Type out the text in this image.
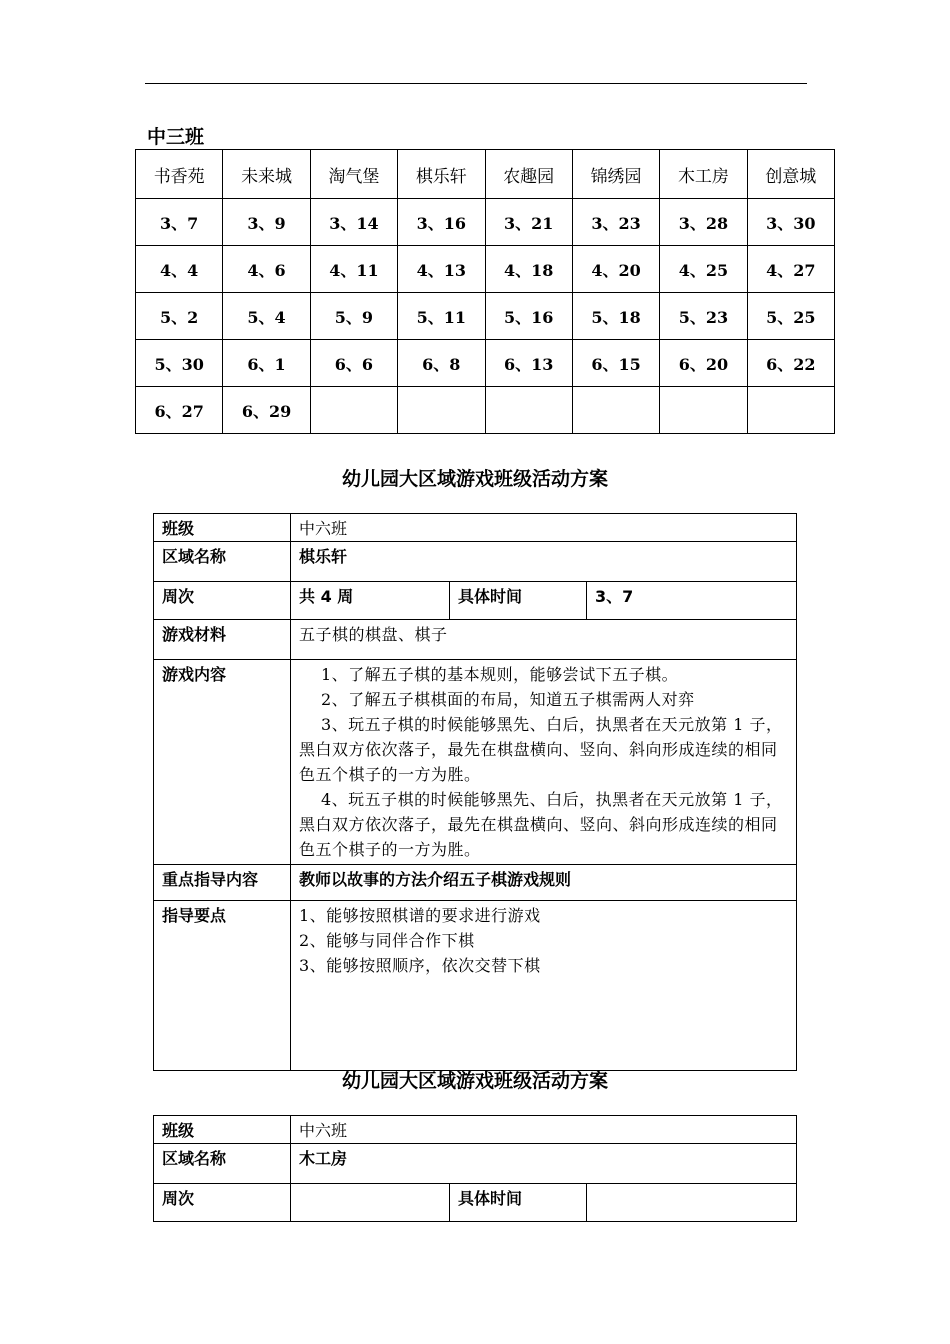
中三班
书香苑	未来城	淘气堡	棋乐轩	农趣园	锦绣园	木工房	创意城
3、7	3、9	3、14	3、16	3、21	3、23	3、28	3、30
4、4	4、6	4、11	4、13	4、18	4、20	4、25	4、27
5、2	5、4	5、9	5、11	5、16	5、18	5、23	5、25
5、30	6、1	6、6	6、8	6、13	6、15	6、20	6、22
6、27	6、29						
幼儿园大区域游戏班级活动方案
班级	中六班		
区域名称	棋乐轩		
周次	共 4 周	具体时间	3、7
游戏材料	五子棋的棋盘、棋子		
游戏内容	1、了解五子棋的基本规则，能够尝试下五子棋。
2、了解五子棋棋面的布局，知道五子棋需两人对弈
3、玩五子棋的时候能够黑先、白后，执黑者在天元放第 1 子，黑白双方依次落子，最先在棋盘横向、竖向、斜向形成连续的相同色五个棋子的一方为胜。
4、玩五子棋的时候能够黑先、白后，执黑者在天元放第 1 子，黑白双方依次落子，最先在棋盘横向、竖向、斜向形成连续的相同色五个棋子的一方为胜。		

重点指导内容	教师以故事的方法介绍五子棋游戏规则		
指导要点	1、能够按照棋谱的要求进行游戏
2、能够与同伴合作下棋
3、能够按照顺序，依次交替下棋		
幼儿园大区域游戏班级活动方案
班级	中六班		
区域名称	木工房		
周次		具体时间	
